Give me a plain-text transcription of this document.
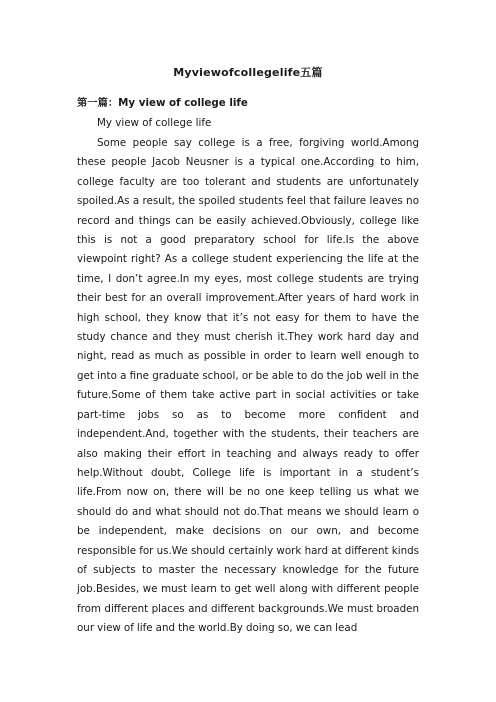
Myviewofcollegelife五篇
第一篇：My view of college life
My view of college life

Some people say college is a free, forgiving world.Among these people Jacob Neusner is a typical one.According to him, college faculty are too tolerant and students are unfortunately spoiled.As a result, the spoiled students feel that failure leaves no record and things can be easily achieved.Obviously, college like this is not a good preparatory school for life.Is the above viewpoint right? As a college student experiencing the life at the time, I don’t agree.In my eyes, most college students are trying their best for an overall improvement.After years of hard work in high school, they know that it’s not easy for them to have the study chance and they must cherish it.They work hard day and night, read as much as possible in order to learn well enough to get into a fine graduate school, or be able to do the job well in the future.Some of them take active part in social activities or take part-time jobs so as to become more confident and independent.And, together with the students, their teachers are also making their effort in teaching and always ready to offer help.Without doubt, College life is important in a student’s life.From now on, there will be no one keep telling us what we should do and what should not do.That means we should learn o be independent, make decisions on our own, and become responsible for us.We should certainly work hard at different kinds of subjects to master the necessary knowledge for the future job.Besides, we must learn to get well along with different people from different places and different backgrounds.We must broaden our view of life and the world.By doing so, we can lead
